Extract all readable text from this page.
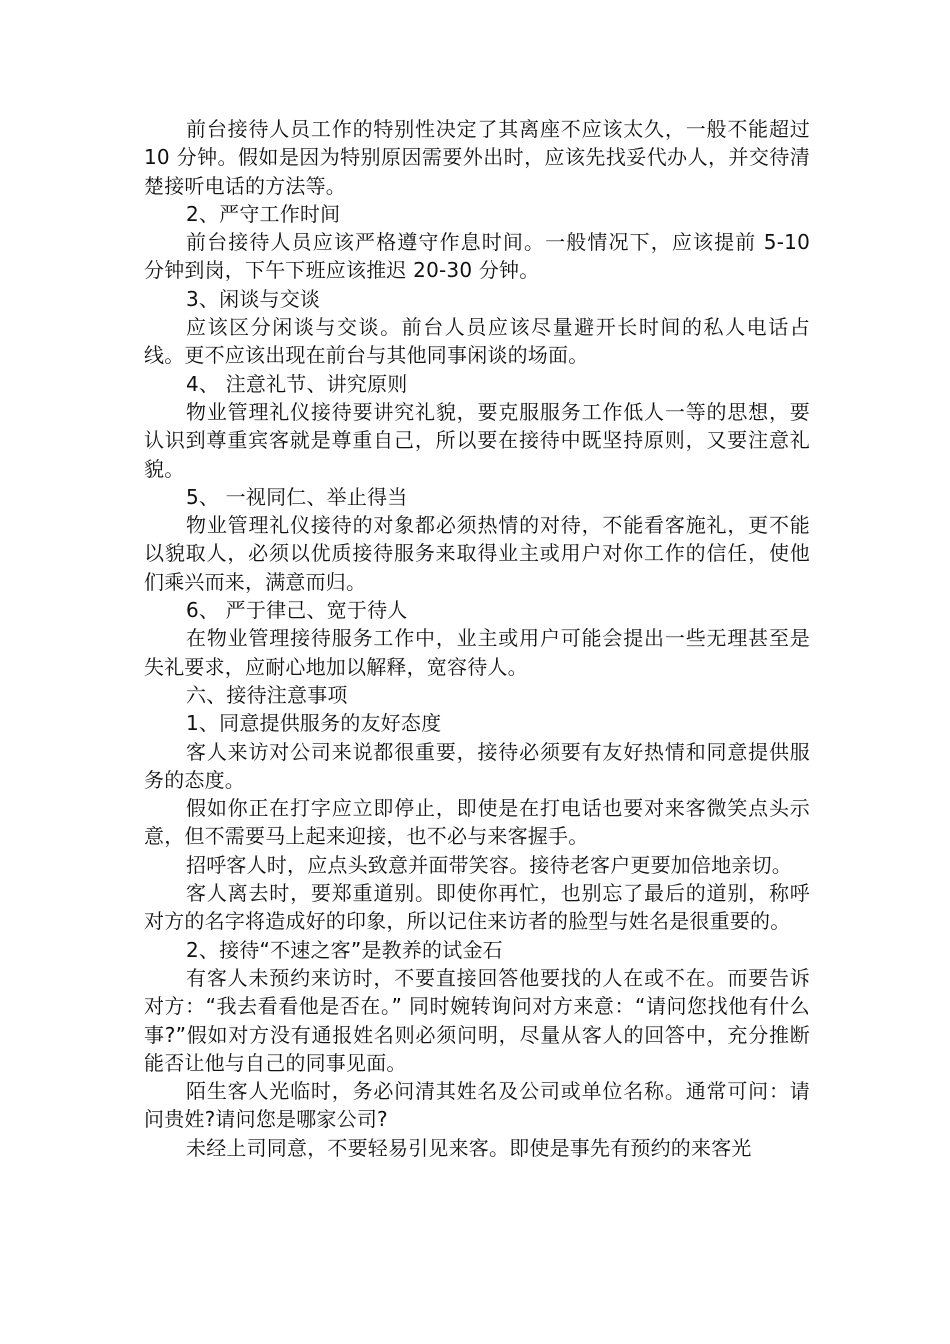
前台接待人员工作的特别性决定了其离座不应该太久，一般不能超过 10 分钟。假如是因为特别原因需要外出时，应该先找妥代办人，并交待清楚接听电话的方法等。

2、严守工作时间

前台接待人员应该严格遵守作息时间。一般情况下，应该提前 5-10 分钟到岗，下午下班应该推迟 20-30 分钟。

3、闲谈与交谈

应该区分闲谈与交谈。前台人员应该尽量避开长时间的私人电话占线。更不应该出现在前台与其他同事闲谈的场面。

4、 注意礼节、讲究原则

物业管理礼仪接待要讲究礼貌，要克服服务工作低人一等的思想，要认识到尊重宾客就是尊重自己，所以要在接待中既坚持原则，又要注意礼貌。

5、 一视同仁、举止得当

物业管理礼仪接待的对象都必须热情的对待，不能看客施礼，更不能以貌取人，必须以优质接待服务来取得业主或用户对你工作的信任，使他们乘兴而来，满意而归。

6、 严于律己、宽于待人

在物业管理接待服务工作中，业主或用户可能会提出一些无理甚至是失礼要求，应耐心地加以解释，宽容待人。

六、接待注意事项

1、同意提供服务的友好态度

客人来访对公司来说都很重要，接待必须要有友好热情和同意提供服务的态度。

假如你正在打字应立即停止，即使是在打电话也要对来客微笑点头示意，但不需要马上起来迎接，也不必与来客握手。

招呼客人时，应点头致意并面带笑容。接待老客户更要加倍地亲切。

客人离去时，要郑重道别。即使你再忙，也别忘了最后的道别，称呼对方的名字将造成好的印象，所以记住来访者的脸型与姓名是很重要的。

2、接待“不速之客”是教养的试金石

有客人未预约来访时，不要直接回答他要找的人在或不在。而要告诉对方：“我去看看他是否在。” 同时婉转询问对方来意：“请问您找他有什么事?”假如对方没有通报姓名则必须问明，尽量从客人的回答中，充分推断能否让他与自己的同事见面。

陌生客人光临时，务必问清其姓名及公司或单位名称。通常可问：请问贵姓?请问您是哪家公司?

未经上司同意，不要轻易引见来客。即使是事先有预约的来客光
